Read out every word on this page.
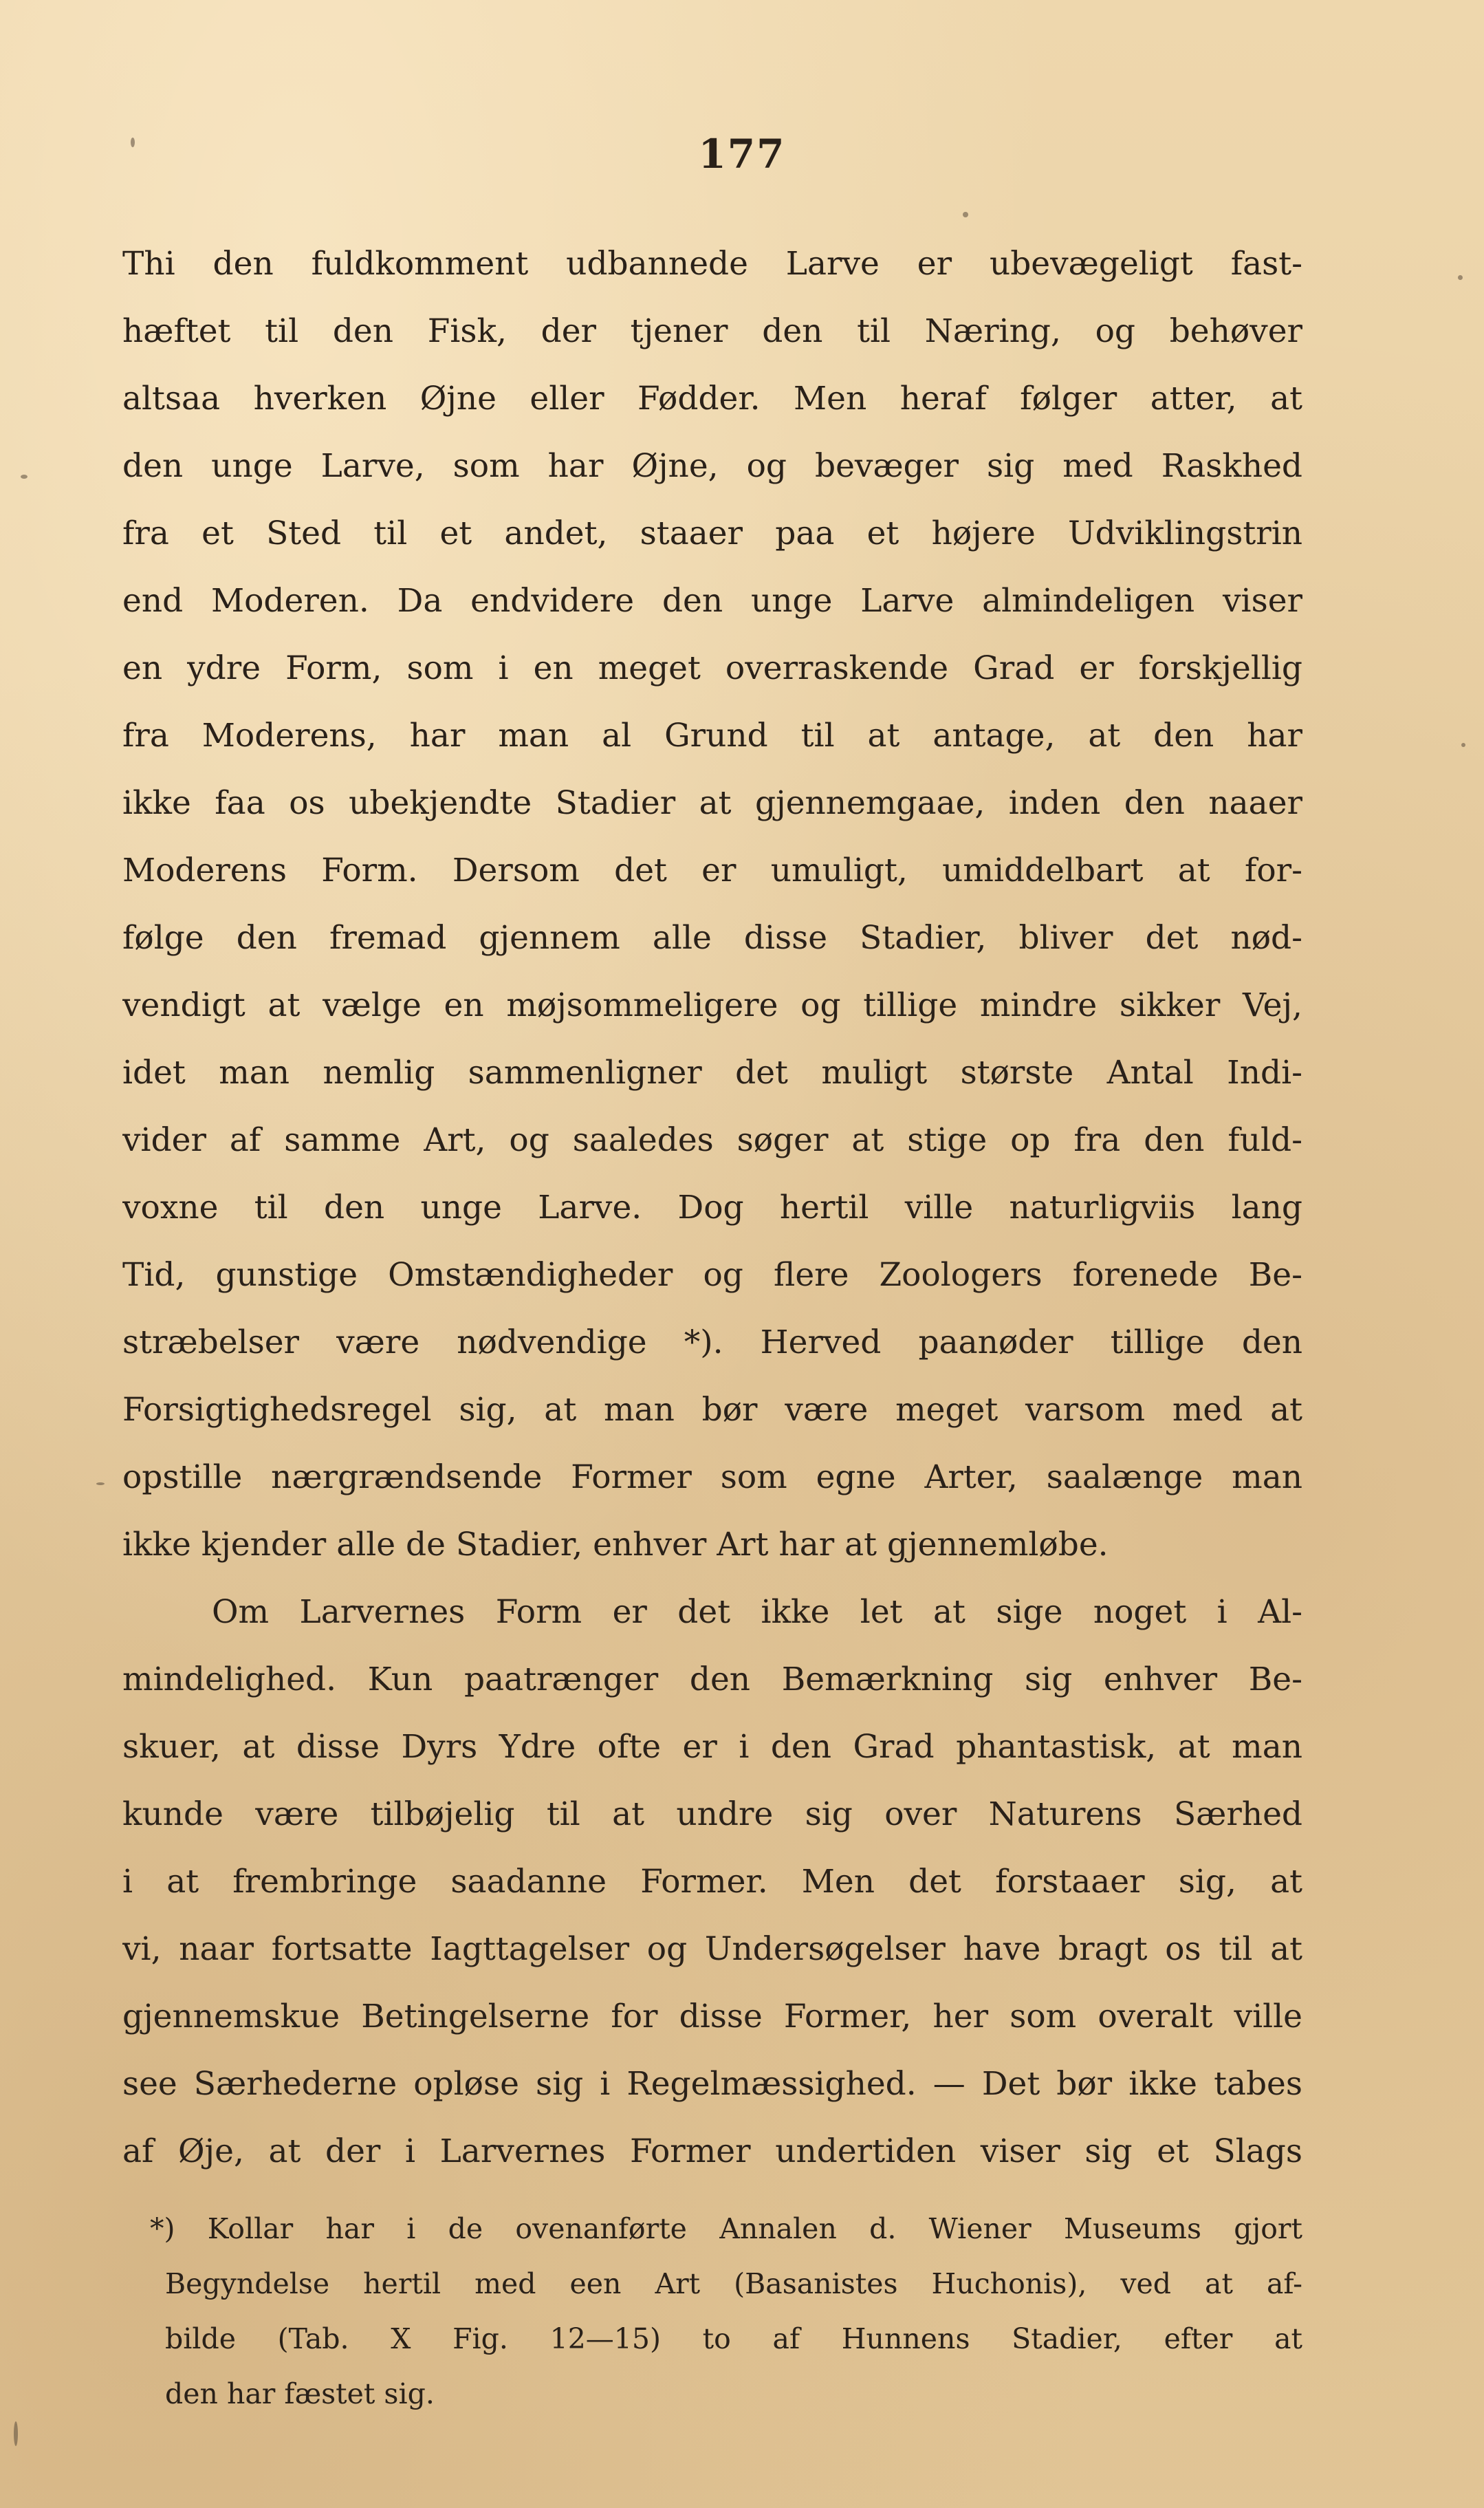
177
Thi den fuldkomment udbannede Larve er ubevægeligt fast-
hæftet til den Fisk, der tjener den til Næring, og behøver
altsaa hverken Øjne eller Fødder. Men heraf følger atter, at
den unge Larve, som har Øjne, og bevæger sig med Raskhed
fra et Sted til et andet, staaer paa et højere Udviklingstrin
end Moderen. Da endvidere den unge Larve almindeligen viser
en ydre Form, som i en meget overraskende Grad er forskjellig
fra Moderens, har man al Grund til at antage, at den har
ikke faa os ubekjendte Stadier at gjennemgaae, inden den naaer
Moderens Form. Dersom det er umuligt, umiddelbart at for-
følge den fremad gjennem alle disse Stadier, bliver det nød-
vendigt at vælge en møjsommeligere og tillige mindre sikker Vej,
idet man nemlig sammenligner det muligt største Antal Indi-
vider af samme Art, og saaledes søger at stige op fra den fuld-
voxne til den unge Larve. Dog hertil ville naturligviis lang
Tid, gunstige Omstændigheder og flere Zoologers forenede Be-
stræbelser være nødvendige *). Herved paanøder tillige den
Forsigtighedsregel sig, at man bør være meget varsom med at
opstille nærgrændsende Former som egne Arter, saalænge man
ikke kjender alle de Stadier, enhver Art har at gjennemløbe.
Om Larvernes Form er det ikke let at sige noget i Al-
mindelighed. Kun paatrænger den Bemærkning sig enhver Be-
skuer, at disse Dyrs Ydre ofte er i den Grad phantastisk, at man
kunde være tilbøjelig til at undre sig over Naturens Særhed
i at frembringe saadanne Former. Men det forstaaer sig, at
vi, naar fortsatte Iagttagelser og Undersøgelser have bragt os til at
gjennemskue Betingelserne for disse Former, her som overalt ville
see Særhederne opløse sig i Regelmæssighed. — Det bør ikke tabes
af Øje, at der i Larvernes Former undertiden viser sig et Slags
*) Kollar har i de ovenanførte Annalen d. Wiener Museums gjort
Begyndelse hertil med een Art (Basanistes Huchonis), ved at af-
bilde (Tab. X Fig. 12—15) to af Hunnens Stadier, efter at
den har fæstet sig.
